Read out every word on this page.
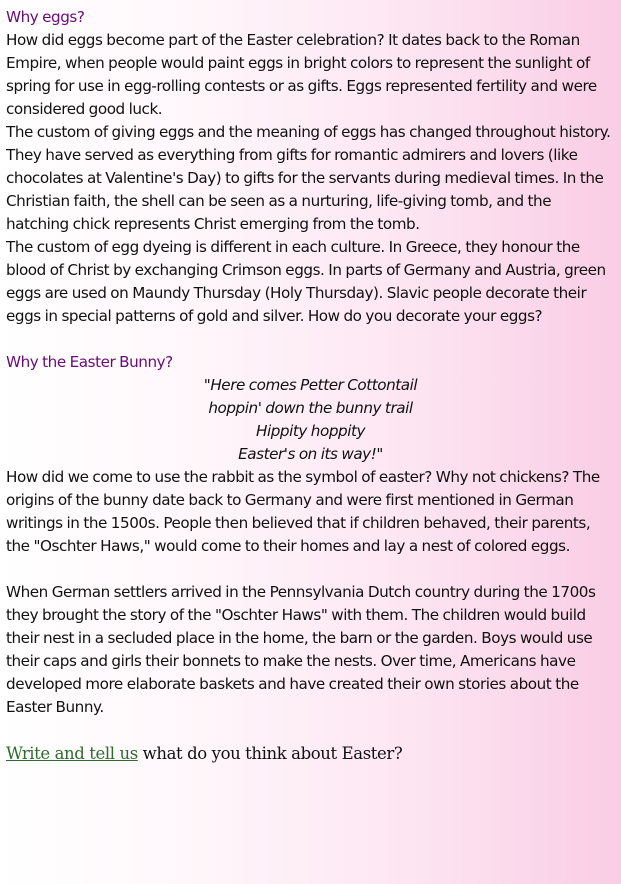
Why eggs?

How did eggs become part of the Easter celebration? It dates back to the Roman Empire, when people would paint eggs in bright colors to represent the sunlight of spring for use in egg-rolling contests or as gifts. Eggs represented fertility and were considered good luck.

The custom of giving eggs and the meaning of eggs has changed throughout history. They have served as everything from gifts for romantic admirers and lovers (like chocolates at Valentine's Day) to gifts for the servants during medieval times. In the Christian faith, the shell can be seen as a nurturing, life-giving tomb, and the hatching chick represents Christ emerging from the tomb.

The custom of egg dyeing is different in each culture. In Greece, they honour the blood of Christ by exchanging Crimson eggs. In parts of Germany and Austria, green eggs are used on Maundy Thursday (Holy Thursday). Slavic people decorate their eggs in special patterns of gold and silver. How do you decorate your eggs?

Why the Easter Bunny?

"Here comes Petter Cottontail

hoppin' down the bunny trail

Hippity hoppity

Easter's on its way!"

How did we come to use the rabbit as the symbol of easter? Why not chickens? The origins of the bunny date back to Germany and were first mentioned in German writings in the 1500s. People then believed that if children behaved, their parents, the "Oschter Haws," would come to their homes and lay a nest of colored eggs.

When German settlers arrived in the Pennsylvania Dutch country during the 1700s they brought the story of the "Oschter Haws" with them. The children would build their nest in a secluded place in the home, the barn or the garden. Boys would use their caps and girls their bonnets to make the nests. Over time, Americans have developed more elaborate baskets and have created their own stories about the Easter Bunny.

Write and tell us what do you think about Easter?
